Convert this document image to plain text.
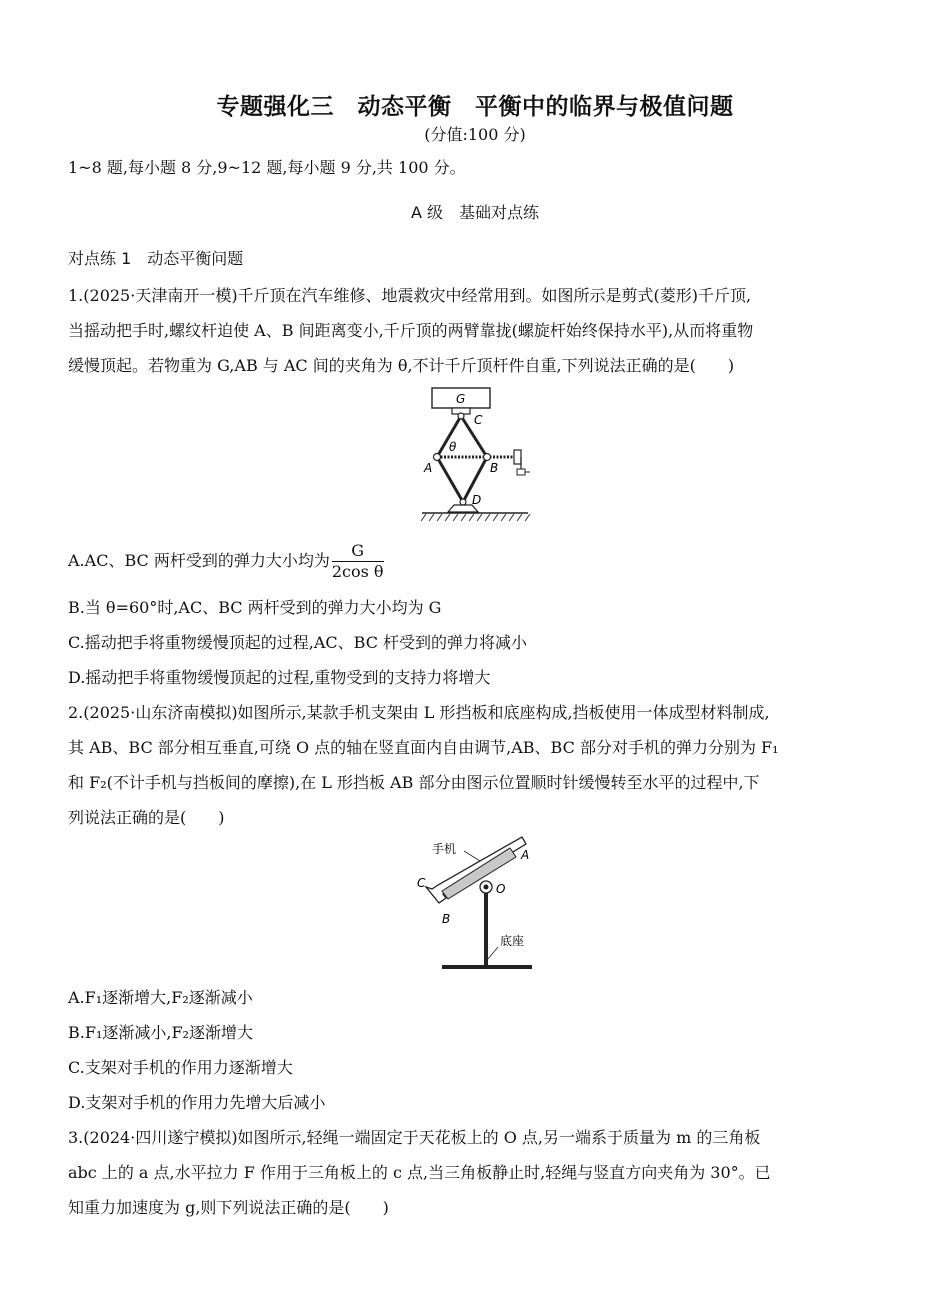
专题强化三　动态平衡　平衡中的临界与极值问题
(分值:100 分)
1~8 题,每小题 8 分,9~12 题,每小题 9 分,共 100 分。
A 级　基础对点练
对点练 1　动态平衡问题
1.(2025·天津南开一模)千斤顶在汽车维修、地震救灾中经常用到。如图所示是剪式(菱形)千斤顶,
当摇动把手时,螺纹杆迫使 A、B 间距离变小,千斤顶的两臂靠拢(螺旋杆始终保持水平),从而将重物
缓慢顶起。若物重为 G,AB 与 AC 间的夹角为 θ,不计千斤顶杆件自重,下列说法正确的是(　　)
G
C
θ
A	B
D
A.AC、BC 两杆受到的弹力大小均为 $\frac{G}{\text{2cos θ}}$
B.当 θ=60°时,AC、BC 两杆受到的弹力大小均为 G
C.摇动把手将重物缓慢顶起的过程,AC、BC 杆受到的弹力将减小
D.摇动把手将重物缓慢顶起的过程,重物受到的支持力将增大
2.(2025·山东济南模拟)如图所示,某款手机支架由 L 形挡板和底座构成,挡板使用一体成型材料制成,
其 AB、BC 部分相互垂直,可绕 O 点的轴在竖直面内自由调节,AB、BC 部分对手机的弹力分别为 F₁
和 F₂(不计手机与挡板间的摩擦),在 L 形挡板 AB 部分由图示位置顺时针缓慢转至水平的过程中,下
列说法正确的是(　　)
手机	A
C	O
B
底座
A.F₁逐渐增大,F₂逐渐减小
B.F₁逐渐减小,F₂逐渐增大
C.支架对手机的作用力逐渐增大
D.支架对手机的作用力先增大后减小
3.(2024·四川遂宁模拟)如图所示,轻绳一端固定于天花板上的 O 点,另一端系于质量为 m 的三角板
abc 上的 a 点,水平拉力 F 作用于三角板上的 c 点,当三角板静止时,轻绳与竖直方向夹角为 30°。已
知重力加速度为 g,则下列说法正确的是(　　)
